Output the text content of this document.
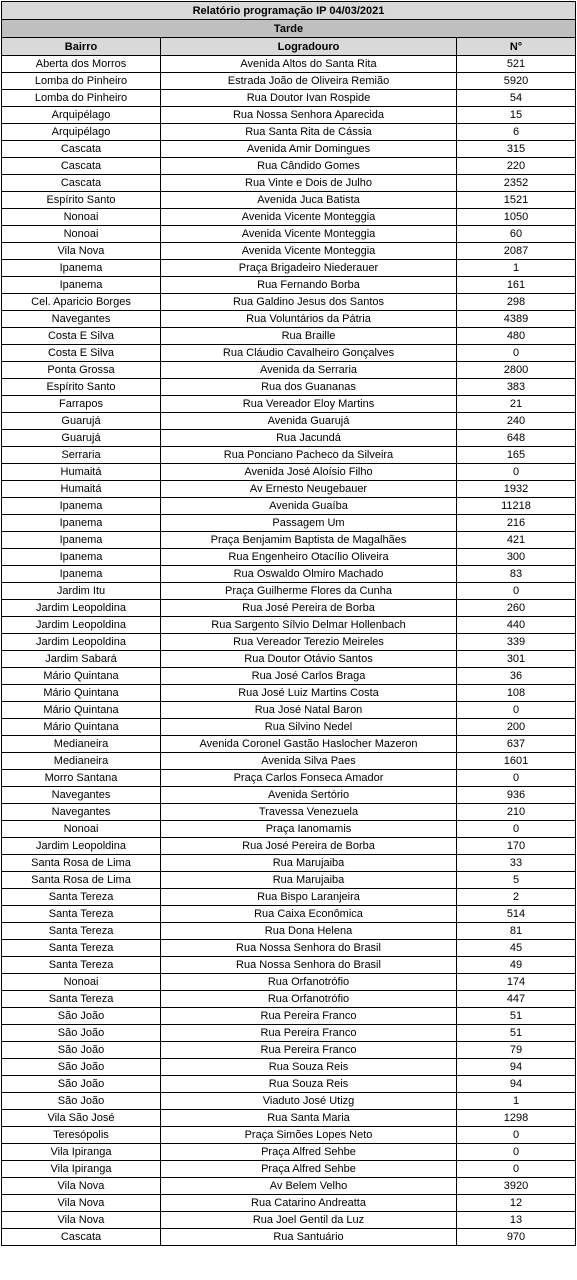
Relatório programação IP 04/03/2021		
Tarde		
Bairro	Logradouro	N°
Aberta dos Morros	Avenida Altos do Santa Rita	521
Lomba do Pinheiro	Estrada João de Oliveira Remião	5920
Lomba do Pinheiro	Rua Doutor Ivan Rospide	54
Arquipélago	Rua Nossa Senhora Aparecida	15
Arquipélago	Rua Santa Rita de Cássia	6
Cascata	Avenida Amir Domingues	315
Cascata	Rua Cândido Gomes	220
Cascata	Rua Vinte e Dois de Julho	2352
Espírito Santo	Avenida Juca Batista	1521
Nonoai	Avenida Vicente Monteggia	1050
Nonoai	Avenida Vicente Monteggia	60
Vila Nova	Avenida Vicente Monteggia	2087
Ipanema	Praça Brigadeiro Niederauer	1
Ipanema	Rua Fernando Borba	161
Cel. Aparicio Borges	Rua Galdino Jesus dos Santos	298
Navegantes	Rua Voluntários da Pátria	4389
Costa E Silva	Rua Braille	480
Costa E Silva	Rua Cláudio Cavalheiro Gonçalves	0
Ponta Grossa	Avenida da Serraria	2800
Espírito Santo	Rua dos Guananas	383
Farrapos	Rua Vereador Eloy Martins	21
Guarujá	Avenida Guarujá	240
Guarujá	Rua Jacundá	648
Serraria	Rua Ponciano Pacheco da Silveira	165
Humaitá	Avenida José Aloísio Filho	0
Humaitá	Av Ernesto Neugebauer	1932
Ipanema	Avenida Guaíba	11218
Ipanema	Passagem Um	216
Ipanema	Praça Benjamim Baptista de Magalhães	421
Ipanema	Rua Engenheiro Otacílio Oliveira	300
Ipanema	Rua Oswaldo Olmiro Machado	83
Jardim Itu	Praça Guilherme Flores da Cunha	0
Jardim Leopoldina	Rua José Pereira de Borba	260
Jardim Leopoldina	Rua Sargento Sílvio Delmar Hollenbach	440
Jardim Leopoldina	Rua Vereador Terezio Meireles	339
Jardim Sabará	Rua Doutor Otávio Santos	301
Mário Quintana	Rua José Carlos Braga	36
Mário Quintana	Rua José Luiz Martins Costa	108
Mário Quintana	Rua José Natal Baron	0
Mário Quintana	Rua Silvino Nedel	200
Medianeira	Avenida Coronel Gastão Haslocher Mazeron	637
Medianeira	Avenida Silva Paes	1601
Morro Santana	Praça Carlos Fonseca Amador	0
Navegantes	Avenida Sertório	936
Navegantes	Travessa Venezuela	210
Nonoai	Praça Ianomamis	0
Jardim Leopoldina	Rua José Pereira de Borba	170
Santa Rosa de Lima	Rua Marujaiba	33
Santa Rosa de Lima	Rua Marujaiba	5
Santa Tereza	Rua Bispo Laranjeira	2
Santa Tereza	Rua Caixa Econômica	514
Santa Tereza	Rua Dona Helena	81
Santa Tereza	Rua Nossa Senhora do Brasil	45
Santa Tereza	Rua Nossa Senhora do Brasil	49
Nonoai	Rua Orfanotrófio	174
Santa Tereza	Rua Orfanotrófio	447
São João	Rua Pereira Franco	51
São João	Rua Pereira Franco	51
São João	Rua Pereira Franco	79
São João	Rua Souza Reis	94
São João	Rua Souza Reis	94
São João	Viaduto José Utizg	1
Vila São José	Rua Santa Maria	1298
Teresópolis	Praça Simões Lopes Neto	0
Vila Ipiranga	Praça Alfred Sehbe	0
Vila Ipiranga	Praça Alfred Sehbe	0
Vila Nova	Av Belem Velho	3920
Vila Nova	Rua Catarino Andreatta	12
Vila Nova	Rua Joel Gentil da Luz	13
Cascata	Rua Santuário	970
